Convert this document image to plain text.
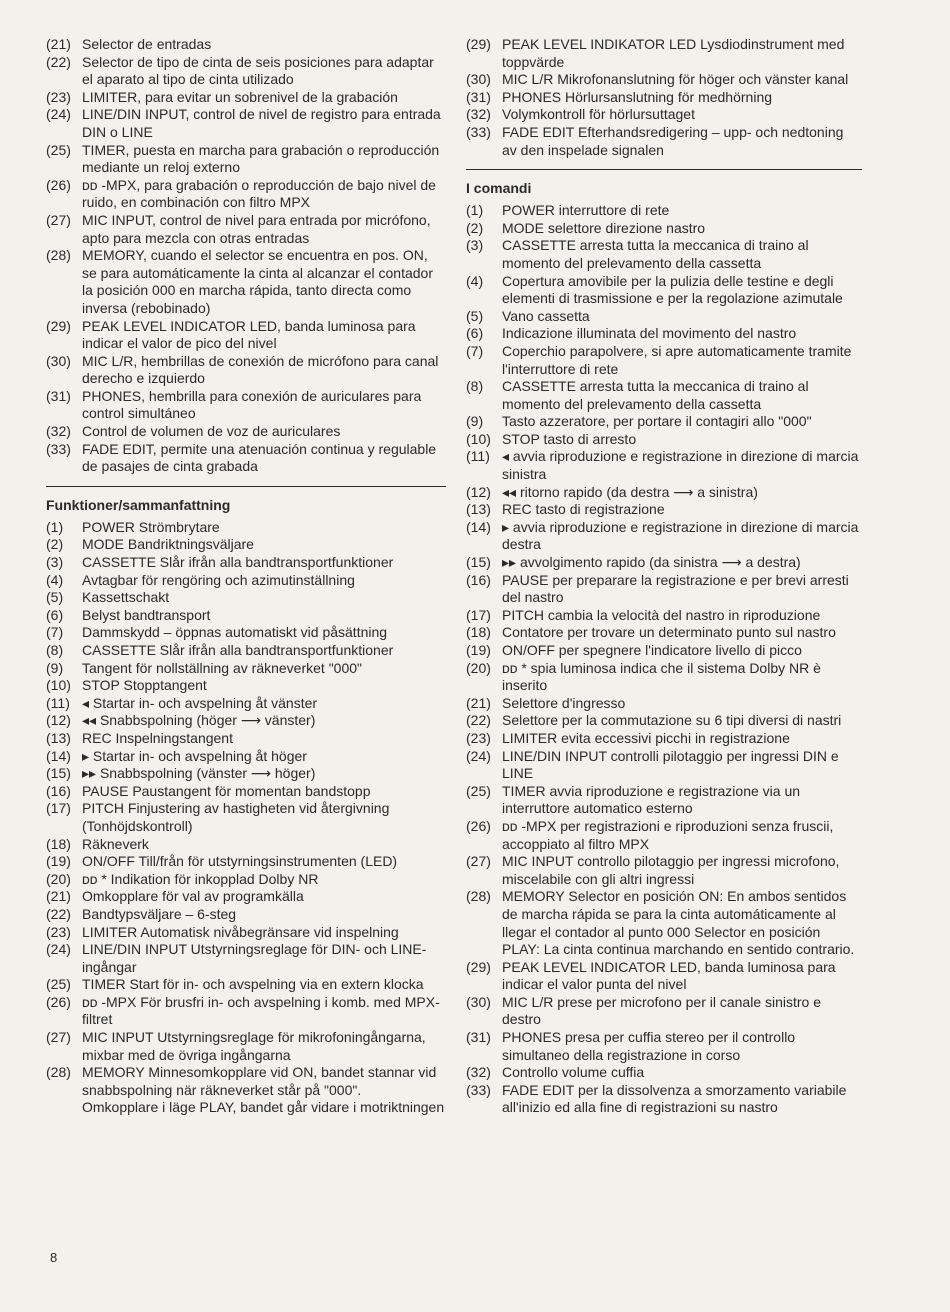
(21) Selector de entradas
(22) Selector de tipo de cinta de seis posiciones para adaptar el aparato al tipo de cinta utilizado
(23) LIMITER, para evitar un sobrenivel de la grabación
(24) LINE/DIN INPUT, control de nivel de registro para entrada DIN o LINE
(25) TIMER, puesta en marcha para grabación o reproducción mediante un reloj externo
(26) ᴅᴅ -MPX, para grabación o reproducción de bajo nivel de ruido, en combinación con filtro MPX
(27) MIC INPUT, control de nivel para entrada por micrófono, apto para mezcla con otras entradas
(28) MEMORY, cuando el selector se encuentra en pos. ON, se para automáticamente la cinta al alcanzar el contador la posición 000 en marcha rápida, tanto directa como inversa (rebobinado)
(29) PEAK LEVEL INDICATOR LED, banda luminosa para indicar el valor de pico del nivel
(30) MIC L/R, hembrillas de conexión de micrófono para canal derecho e izquierdo
(31) PHONES, hembrilla para conexión de auriculares para control simultáneo
(32) Control de volumen de voz de auriculares
(33) FADE EDIT, permite una atenuación continua y regulable de pasajes de cinta grabada
Funktioner/sammanfattning
(1)	POWER Strömbrytare
(2)	MODE Bandriktningsväljare
(3)	CASSETTE Slår ifrån alla bandtransportfunktioner
(4)	Avtagbar för rengöring och azimutinställning
(5)	Kassettschakt
(6)	Belyst bandtransport
(7)	Dammskydd – öppnas automatiskt vid påsättning
(8)	CASSETTE Slår ifrån alla bandtransportfunktioner
(9)	Tangent för nollställning av räkneverket "000"
(10) STOP Stopptangent
(11) ◂ Startar in- och avspelning åt vänster
(12) ◂◂ Snabbspolning (höger ⟶ vänster)
(13) REC Inspelningstangent
(14) ▸ Startar in- och avspelning åt höger
(15) ▸▸ Snabbspolning (vänster ⟶ höger)
(16) PAUSE Paustangent för momentan bandstopp
(17) PITCH Finjustering av hastigheten vid återgivning (Tonhöjdskontroll)
(18) Räkneverk
(19) ON/OFF Till/från för utstyrningsinstrumenten (LED)
(20) ᴅᴅ * Indikation för inkopplad Dolby NR
(21) Omkopplare för val av programkälla
(22) Bandtypsväljare – 6-steg
(23) LIMITER Automatisk nivåbegränsare vid inspelning
(24) LINE/DIN INPUT Utstyrningsreglage för DIN- och LINE-ingångar
(25) TIMER Start för in- och avspelning via en extern klocka
(26) ᴅᴅ -MPX För brusfri in- och avspelning i komb. med MPX-filtret
(27) MIC INPUT Utstyrningsreglage för mikrofoningångarna, mixbar med de övriga ingångarna
(28) MEMORY Minnesomkopplare vid ON, bandet stannar vid snabbspolning när räkneverket står på "000".
Omkopplare i läge PLAY, bandet går vidare i motriktningen
(29) PEAK LEVEL INDIKATOR LED Lysdiodinstrument med toppvärde
(30) MIC L/R Mikrofonanslutning för höger och vänster kanal
(31) PHONES Hörlursanslutning för medhörning
(32) Volymkontroll för hörlursuttaget
(33) FADE EDIT Efterhandsredigering – upp- och nedtoning av den inspelade signalen
I comandi
(1)	POWER interruttore di rete
(2)	MODE selettore direzione nastro
(3)	CASSETTE arresta tutta la meccanica di traino al momento del prelevamento della cassetta
(4)	Copertura amovibile per la pulizia delle testine e degli elementi di trasmissione e per la regolazione azimutale
(5)	Vano cassetta
(6)	Indicazione illuminata del movimento del nastro
(7)	Coperchio parapolvere, si apre automaticamente tramite l'interruttore di rete
(8)	CASSETTE arresta tutta la meccanica di traino al momento del prelevamento della cassetta
(9)	Tasto azzeratore, per portare il contagiri allo "000"
(10) STOP tasto di arresto
(11) ◂ avvia riproduzione e registrazione in direzione di marcia sinistra
(12) ◂◂ ritorno rapido (da destra ⟶ a sinistra)
(13) REC tasto di registrazione
(14) ▸ avvia riproduzione e registrazione in direzione di marcia destra
(15) ▸▸ avvolgimento rapido (da sinistra ⟶ a destra)
(16) PAUSE per preparare la registrazione e per brevi arresti del nastro
(17) PITCH cambia la velocità del nastro in riproduzione
(18) Contatore per trovare un determinato punto sul nastro
(19) ON/OFF per spegnere l'indicatore livello di picco
(20) ᴅᴅ * spia luminosa indica che il sistema Dolby NR è inserito
(21) Selettore d'ingresso
(22) Selettore per la commutazione su 6 tipi diversi di nastri
(23) LIMITER evita eccessivi picchi in registrazione
(24) LINE/DIN INPUT controlli pilotaggio per ingressi DIN e LINE
(25) TIMER avvia riproduzione e registrazione via un interruttore automatico esterno
(26) ᴅᴅ -MPX per registrazioni e riproduzioni senza fruscii, accoppiato al filtro MPX
(27) MIC INPUT controllo pilotaggio per ingressi microfono, miscelabile con gli altri ingressi
(28) MEMORY Selector en posición ON: En ambos sentidos de marcha rápida se para la cinta automáticamente al llegar el contador al punto 000 Selector en posición PLAY: La cinta continua marchando en sentido contrario.
(29) PEAK LEVEL INDICATOR LED, banda luminosa para indicar el valor punta del nivel
(30) MIC L/R prese per microfono per il canale sinistro e destro
(31) PHONES presa per cuffia stereo per il controllo simultaneo della registrazione in corso
(32) Controllo volume cuffia
(33) FADE EDIT per la dissolvenza a smorzamento variabile all'inizio ed alla fine di registrazioni su nastro
8
